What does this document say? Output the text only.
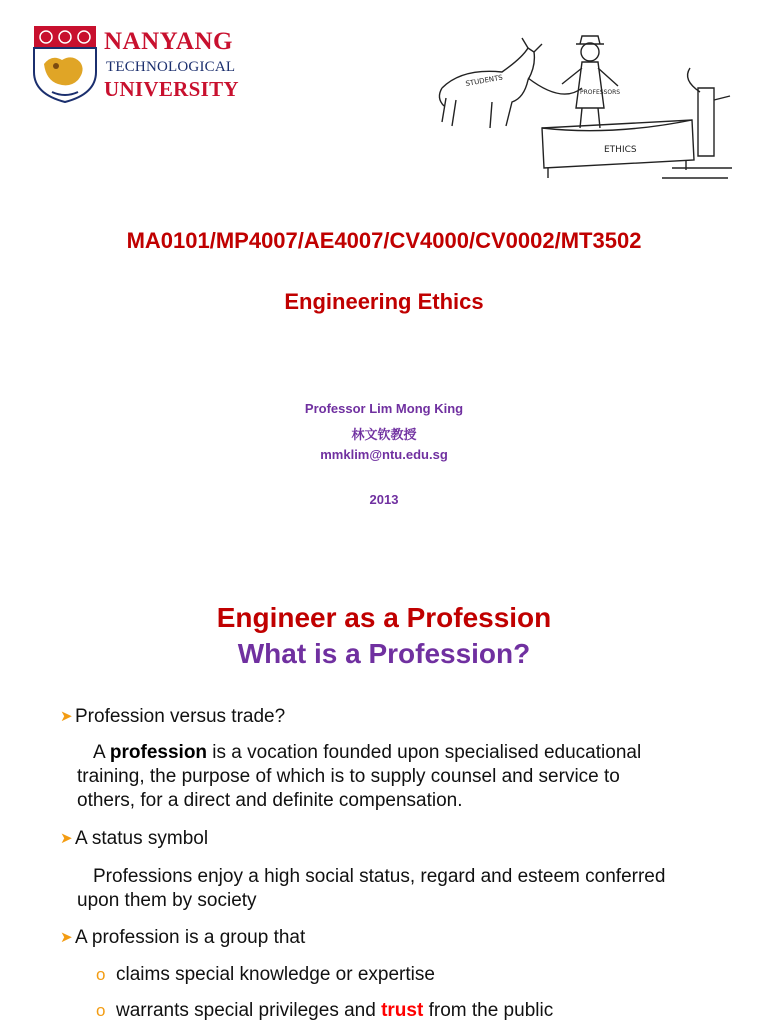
NANYANG
TECHNOLOGICAL
UNIVERSITY	STUDENTS
PROFESSORS
ETHICS
MA0101/MP4007/AE4007/CV4000/CV0002/MT3502
Engineering Ethics
Professor Lim Mong King
林文钦教授
mmklim@ntu.edu.sg
2013
Engineer as a Profession
What is a Profession?
➤ Profession versus trade?
A profession is a vocation founded upon specialised educational training, the purpose of which is to supply counsel and service to others, for a direct and definite compensation.
➤ A status symbol
Professions enjoy a high social status, regard and esteem conferred upon them by society
➤ A profession is a group that
o claims special knowledge or expertise
o warrants special privileges and trust from the public
